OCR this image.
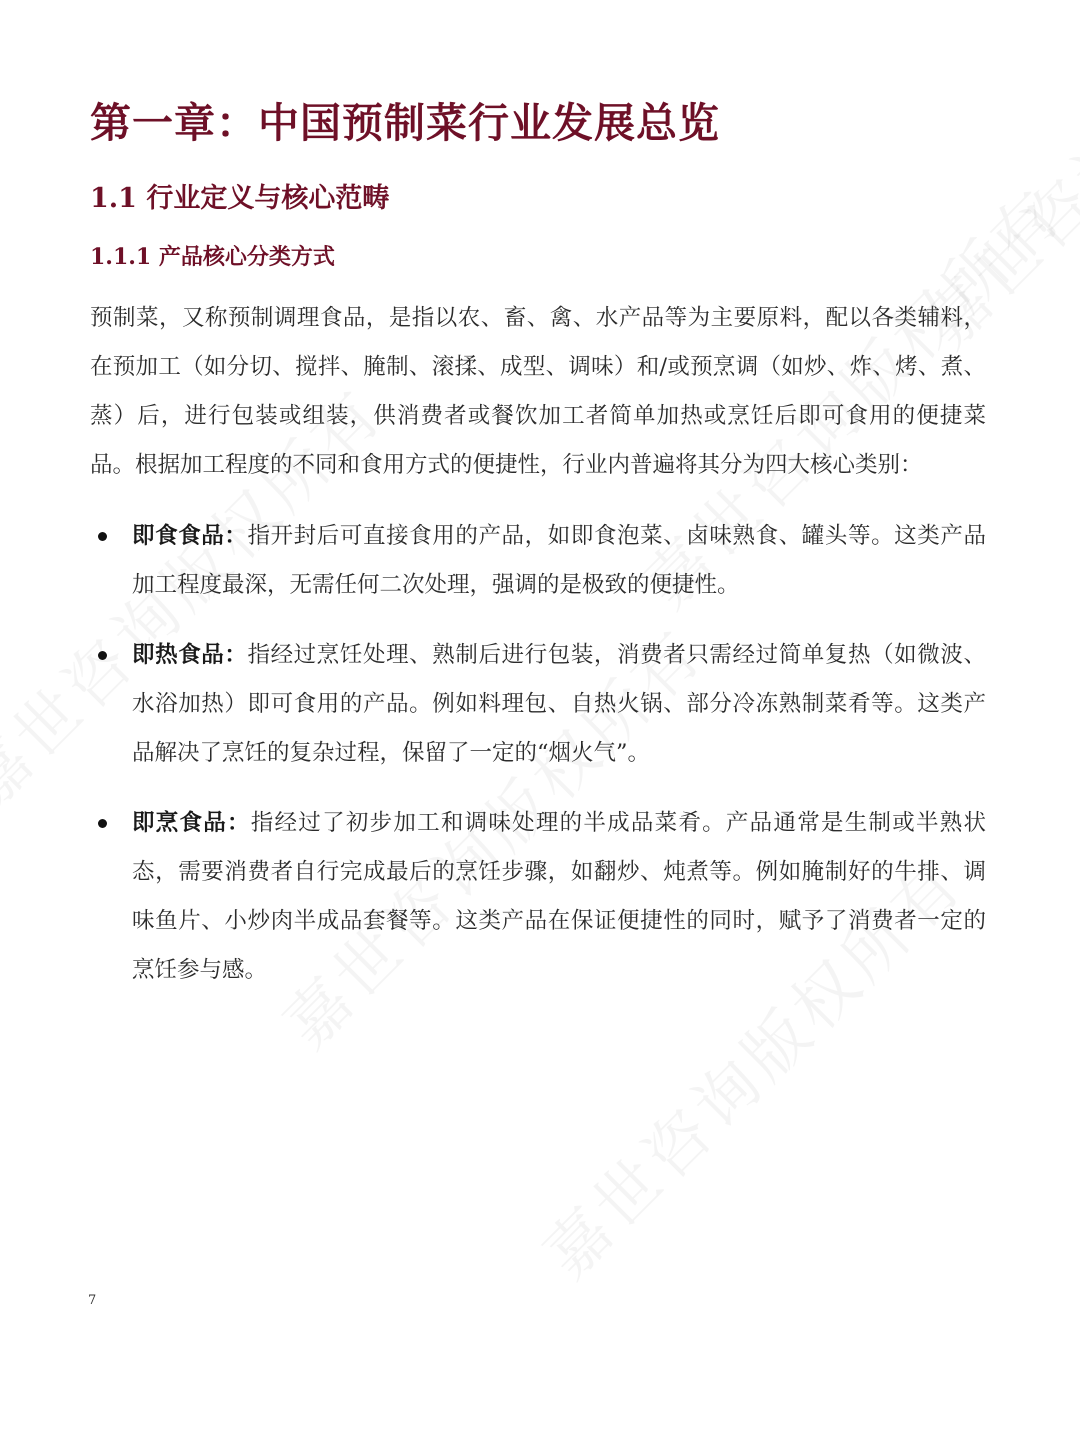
第一章：中国预制菜行业发展总览
1.1 行业定义与核心范畴
1.1.1 产品核心分类方式

预制菜，又称预制调理食品，是指以农、畜、禽、水产品等为主要原料，配以各类辅料，在预加工（如分切、搅拌、腌制、滚揉、成型、调味）和/或预烹调（如炒、炸、烤、煮、蒸）后，进行包装或组装，供消费者或餐饮加工者简单加热或烹饪后即可食用的便捷菜品。根据加工程度的不同和食用方式的便捷性，行业内普遍将其分为四大核心类别：

即食食品：指开封后可直接食用的产品，如即食泡菜、卤味熟食、罐头等。这类产品加工程度最深，无需任何二次处理，强调的是极致的便捷性。
即热食品：指经过烹饪处理、熟制后进行包装，消费者只需经过简单复热（如微波、水浴加热）即可食用的产品。例如料理包、自热火锅、部分冷冻熟制菜肴等。这类产品解决了烹饪的复杂过程，保留了一定的“烟火气”。
即烹食品：指经过了初步加工和调味处理的半成品菜肴。产品通常是生制或半熟状态，需要消费者自行完成最后的烹饪步骤，如翻炒、炖煮等。例如腌制好的牛排、调味鱼片、小炒肉半成品套餐等。这类产品在保证便捷性的同时，赋予了消费者一定的烹饪参与感。
7
